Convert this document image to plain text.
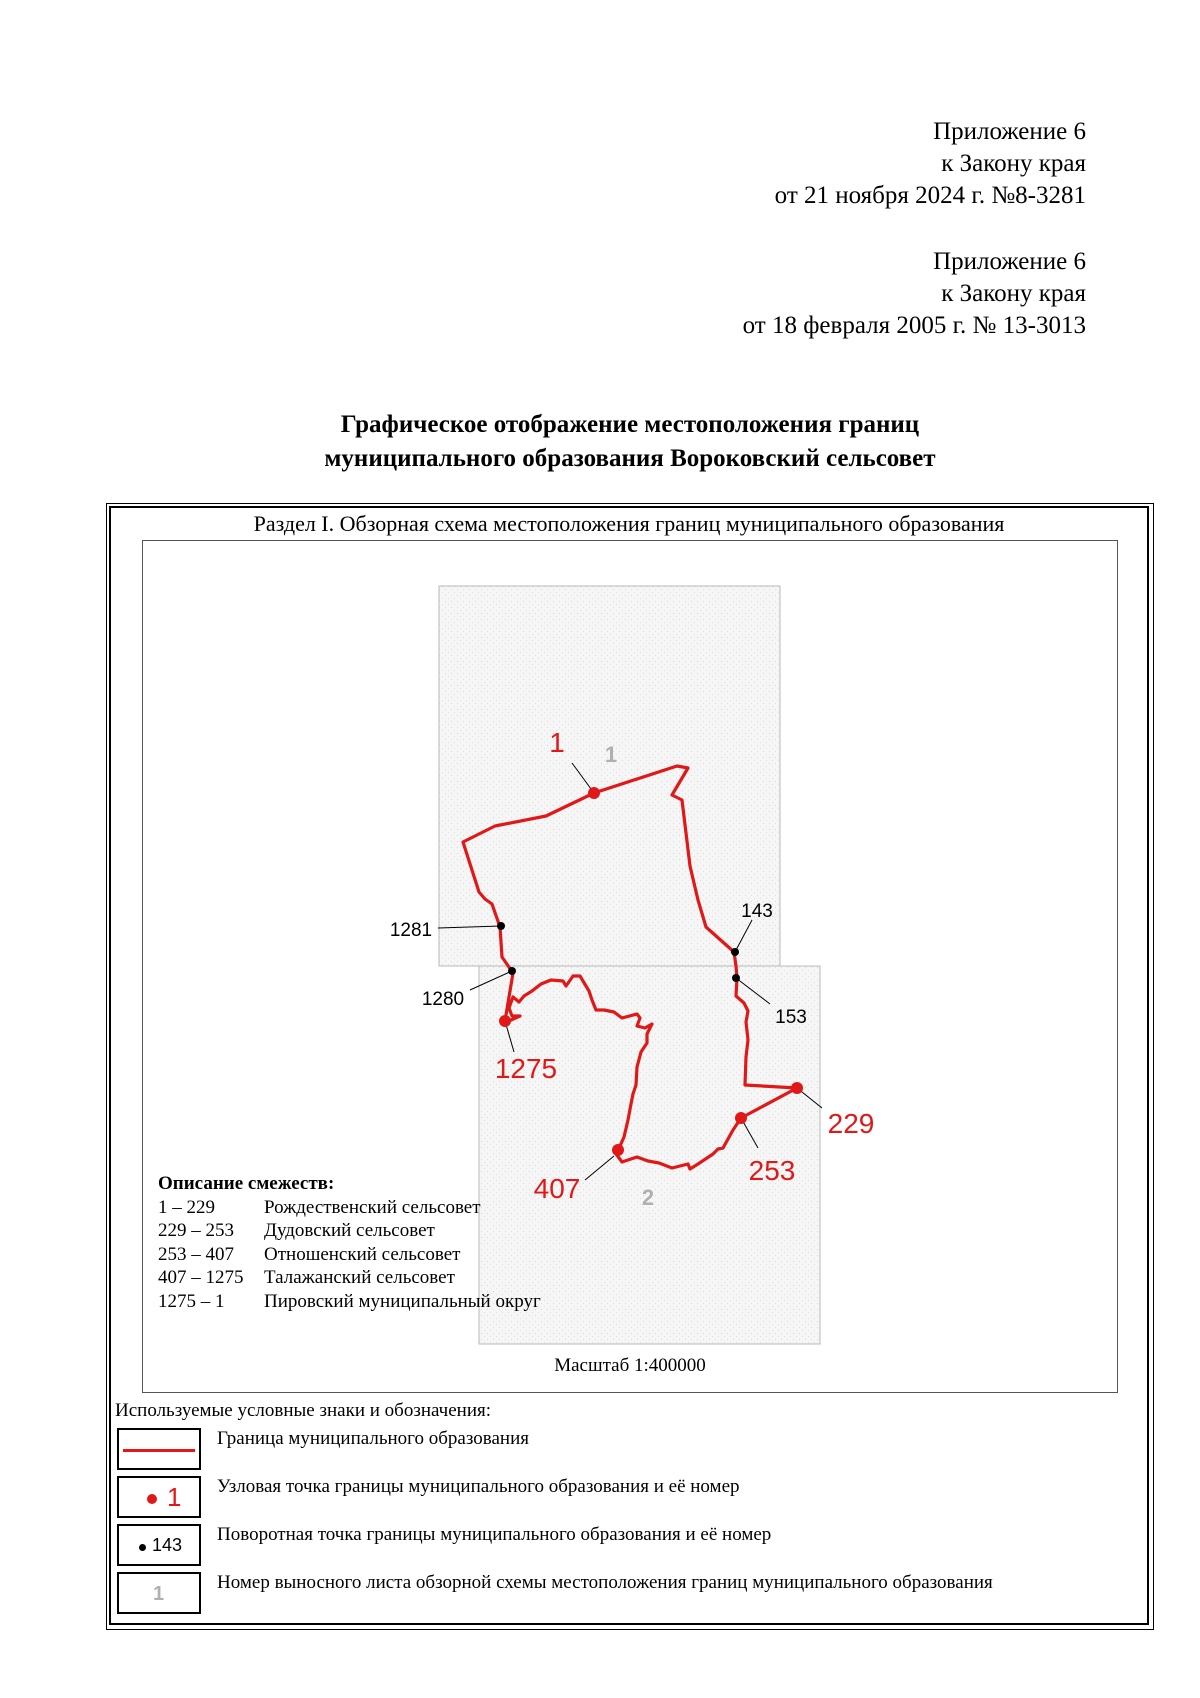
Приложение 6
к Закону края
от 21 ноября 2024 г. №8-3281
Приложение 6
к Закону края
от 18 февраля 2005 г. № 13-3013
Графическое отображение местоположения границ
муниципального образования Вороковский сельсовет
Раздел I. Обзорная схема местоположения границ муниципального образования
1
2
1
1275
407
253
229
1281
1280
143
153
Описание смежеств:
1 – 229	Рождественский сельсовет
229 – 253	Дудовский сельсовет
253 – 407	Отношенский сельсовет
407 – 1275	Талажанский сельсовет
1275 – 1	Пировский муниципальный округ
Масштаб 1:400000
Используемые условные знаки и обозначения:
Граница муниципального образования
1 Узловая точка границы муниципального образования и её номер
143 Поворотная точка границы муниципального образования и её номер
1
Номер выносного листа обзорной схемы местоположения границ муниципального образования
